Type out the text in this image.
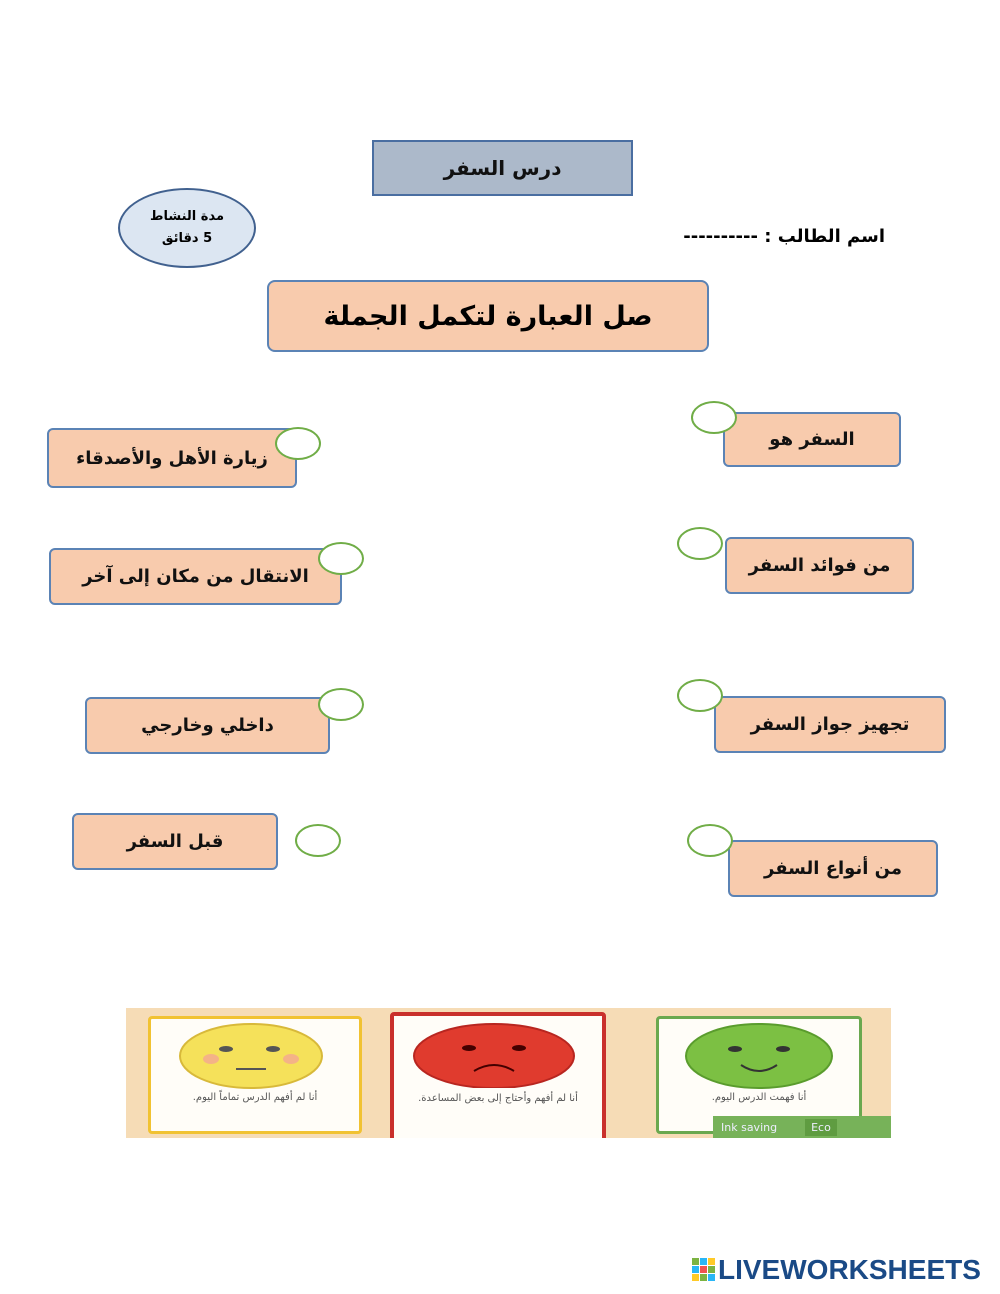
درس السفر
مدة النشاط
5 دقائق	اسم الطالب : ----------
صل العبارة لتكمل الجملة
السفر هو
من فوائد السفر
تجهيز جواز السفر
من أنواع السفر
زيارة الأهل والأصدقاء
الانتقال من مكان إلى آخر
داخلي وخارجي
قبل السفر
أنا لم أفهم الدرس تماماً اليوم.	أنا لم أفهم وأحتاج إلى بعض المساعدة.	أنا فهمت الدرس اليوم.
Ink saving	Eco
LIVEWORKSHEETS
